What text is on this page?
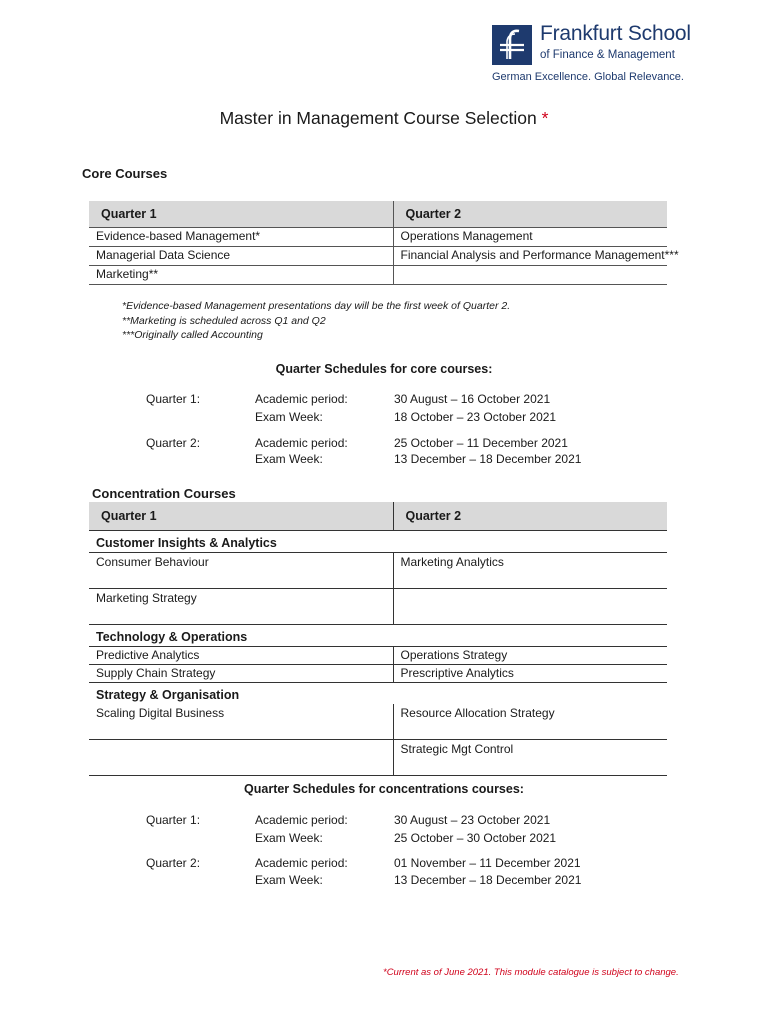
Frankfurt School
of Finance & Management
German Excellence. Global Relevance.
Master in Management Course Selection *
Core Courses
Quarter 1	Quarter 2
Evidence-based Management*	Operations Management
Managerial Data Science	Financial Analysis and Performance Management***
Marketing**	
*Evidence-based Management presentations day will be the first week of Quarter 2.
**Marketing is scheduled across Q1 and Q2
***Originally called Accounting
Quarter Schedules for core courses:
Quarter 1:	Academic period:	30 August – 16 October 2021
Exam Week:	18 October – 23 October 2021
Quarter 2:	Academic period:	25 October – 11 December 2021
Exam Week:	13 December – 18 December 2021
Concentration Courses
Quarter 1	Quarter 2
Customer Insights & Analytics	
Consumer Behaviour	Marketing Analytics
Marketing Strategy	
Technology & Operations	
Predictive Analytics	Operations Strategy
Supply Chain Strategy	Prescriptive Analytics
Strategy & Organisation	
Scaling Digital Business	Resource Allocation Strategy
	Strategic Mgt Control
Quarter Schedules for concentrations courses:
Quarter 1:	Academic period:	30 August – 23 October 2021
Exam Week:	25 October – 30 October 2021
Quarter 2:	Academic period:	01 November – 11 December 2021
Exam Week:	13 December – 18 December 2021
*Current as of June 2021. This module catalogue is subject to change.
